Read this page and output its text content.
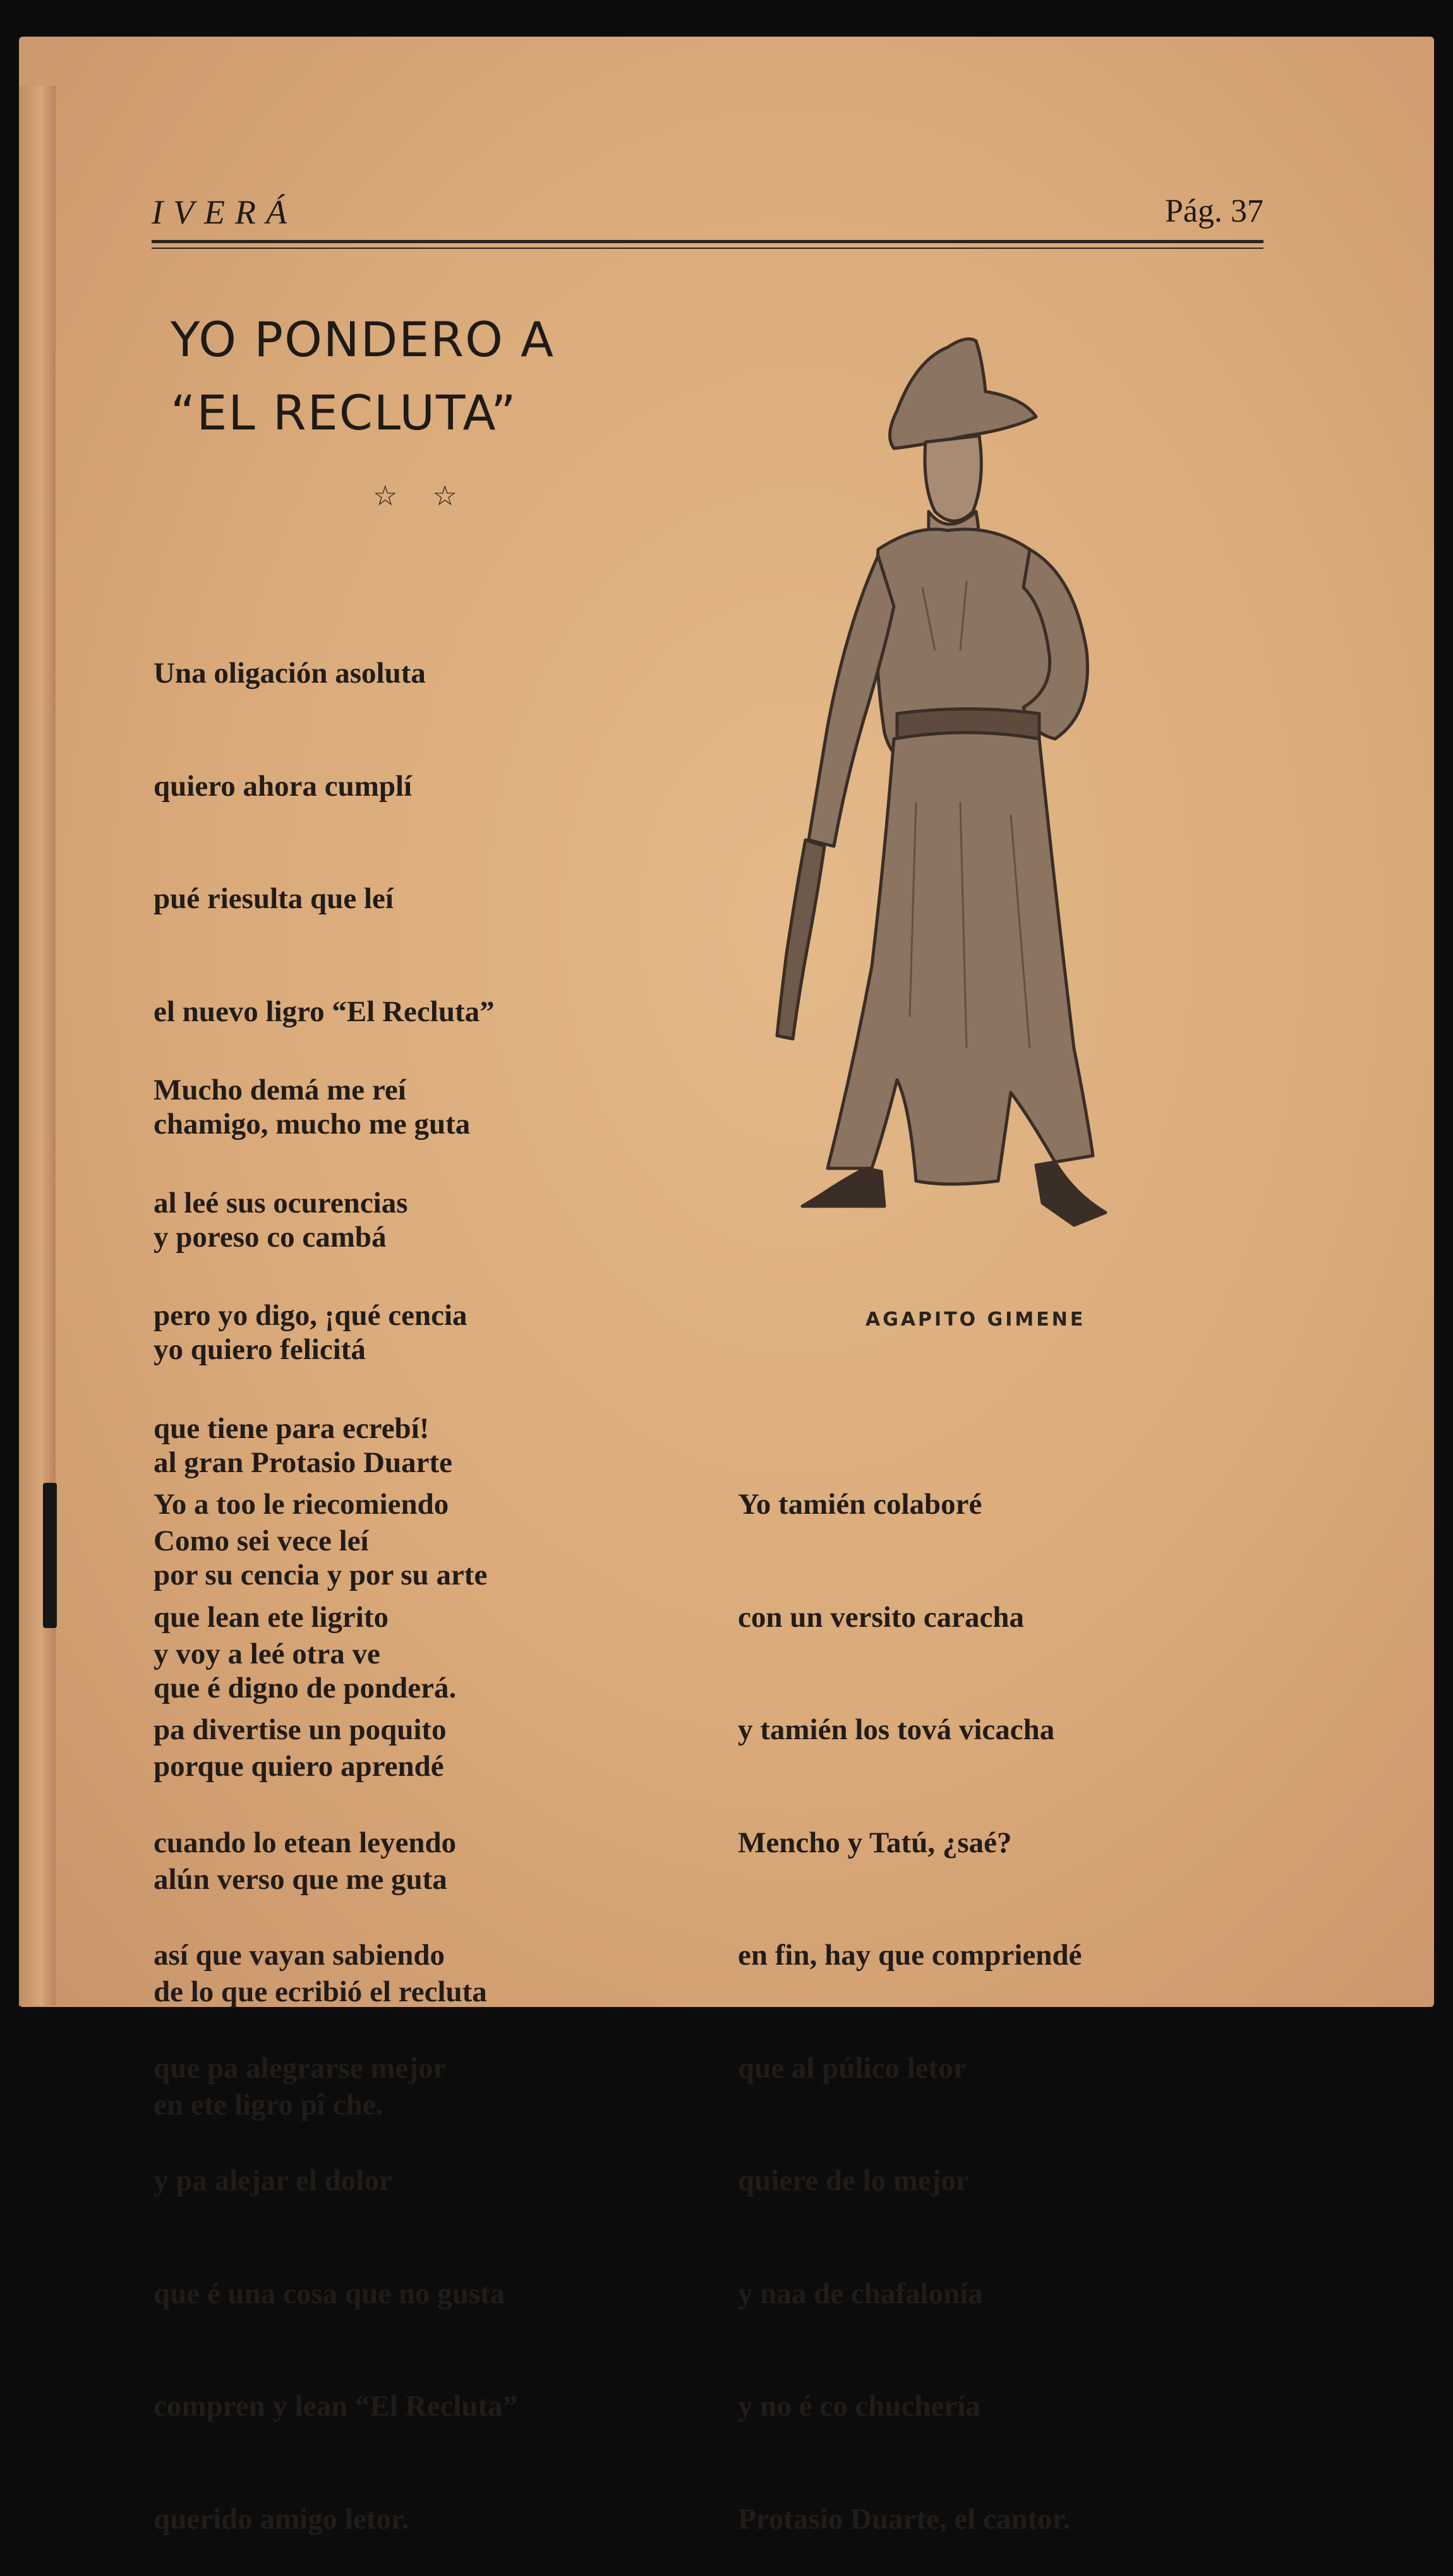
IVERÁ	Pág. 37
YO PONDERO A
“EL RECLUTA”
☆ ☆

Una oligación asoluta

quiero ahora cumplí

pué riesulta que leí

el nuevo ligro “El Recluta”

chamigo, mucho me guta

y poreso co cambá

yo quiero felicitá

al gran Protasio Duarte

por su cencia y por su arte

que é digno de ponderá.

Mucho demá me reí

al leé sus ocurencias

pero yo digo, ¡qué cencia

que tiene para ecrebí!

Como sei vece leí

y voy a leé otra ve

porque quiero aprendé

alún verso que me guta

de lo que ecribió el recluta

en ete ligro pî che.

Yo a too le riecomiendo

que lean ete ligrito

pa divertise un poquito

cuando lo etean leyendo

así que vayan sabiendo

que pa alegrarse mejor

y pa alejar el dolor

que é una cosa que no gusta

compren y lean “El Recluta”

querido amigo letor.

Yo tamién colaboré

con un versito caracha

y tamién los tová vicacha

Mencho y Tatú, ¿saé?

en fin, hay que compriendé

que al púlico letor

quiere de lo mejor

y naa de chafalonía

y no é co chuchería

Protasio Duarte, el cantor.

AGAPITO GIMENE
